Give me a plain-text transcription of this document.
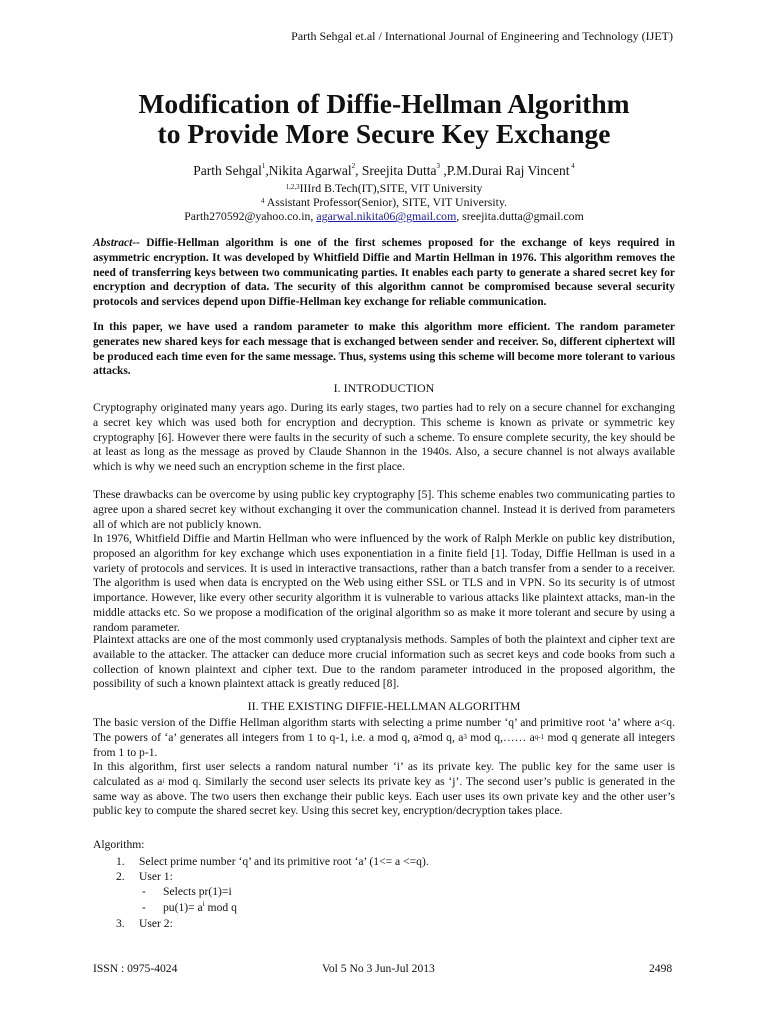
Parth Sehgal et.al / International Journal of Engineering and Technology (IJET)
Modification of Diffie-Hellman Algorithm
to Provide More Secure Key Exchange
Parth Sehgal$^1$,Nikita Agarwal$^2$, Sreejita Dutta$^3$ ,P.M.Durai Raj Vincent $^4$
$^{1,2,3}$IIIrd B.Tech(IT),SITE, VIT University
$^4$ Assistant Professor(Senior), SITE, VIT University.
Parth270592@yahoo.co.in, agarwal.nikita06@gmail.com, sreejita.dutta@gmail.com

Abstract-- Diffie-Hellman algorithm is one of the first schemes proposed for the exchange of keys required in asymmetric encryption. It was developed by Whitfield Diffie and Martin Hellman in 1976. This algorithm removes the need of transferring keys between two communicating parties. It enables each party to generate a shared secret key for encryption and decryption of data. The security of this algorithm cannot be compromised because several security protocols and services depend upon Diffie-Hellman key exchange for reliable communication.

In this paper, we have used a random parameter to make this algorithm more efficient. The random parameter generates new shared keys for each message that is exchanged between sender and receiver. So, different ciphertext will be produced each time even for the same message. Thus, systems using this scheme will become more tolerant to various attacks.

I. INTRODUCTION

Cryptography originated many years ago. During its early stages, two parties had to rely on a secure channel for exchanging a secret key which was used both for encryption and decryption. This scheme is known as private or symmetric key cryptography [6]. However there were faults in the security of such a scheme. To ensure complete security, the key should be at least as long as the message as proved by Claude Shannon in the 1940s. Also, a secure channel is not always available which is why we need such an encryption scheme in the first place.

These drawbacks can be overcome by using public key cryptography [5]. This scheme enables two communicating parties to agree upon a shared secret key without exchanging it over the communication channel. Instead it is derived from parameters all of which are not publicly known.

In 1976, Whitfield Diffie and Martin Hellman who were influenced by the work of Ralph Merkle on public key distribution, proposed an algorithm for key exchange which uses exponentiation in a finite field [1]. Today, Diffie Hellman is used in a variety of protocols and services. It is used in interactive transactions, rather than a batch transfer from a sender to a receiver. The algorithm is used when data is encrypted on the Web using either SSL or TLS and in VPN. So its security is of utmost importance. However, like every other security algorithm it is vulnerable to various attacks like plaintext attacks, man-in the middle attacks etc. So we propose a modification of the original algorithm so as make it more tolerant and secure by using a random parameter.

Plaintext attacks are one of the most commonly used cryptanalysis methods. Samples of both the plaintext and cipher text are available to the attacker. The attacker can deduce more crucial information such as secret keys and code books from such a collection of known plaintext and cipher text. Due to the random parameter introduced in the proposed algorithm, the possibility of such a known plaintext attack is greatly reduced [8].

II. THE EXISTING DIFFIE-HELLMAN ALGORITHM

The basic version of the Diffie Hellman algorithm starts with selecting a prime number ‘q’ and primitive root ‘a’ where a<q. The powers of ‘a’ generates all integers from 1 to q-1, i.e. a mod q, $a^2mod$ q, $a^3$ mod q,…… $a^{q-1}$ mod q generate all integers from 1 to p-1.

In this algorithm, first user selects a random natural number ‘i’ as its private key. The public key for the same user is calculated as $a^i$ mod q. Similarly the second user selects its private key as ‘j’. The second user’s public is generated in the same way as above. The two users then exchange their public keys. Each user uses its own private key and the other user’s public key to compute the shared secret key. Using this secret key, encryption/decryption takes place.

Algorithm:
1. Select prime number ‘q’ and its primitive root ‘a’ (1<= a <=q).
2. User 1:
- Selects pr(1)=i
- $pu(1)= a^i$ mod q
3. User 2:
ISSN : 0975-4024	Vol 5 No 3 Jun-Jul 2013	2498
